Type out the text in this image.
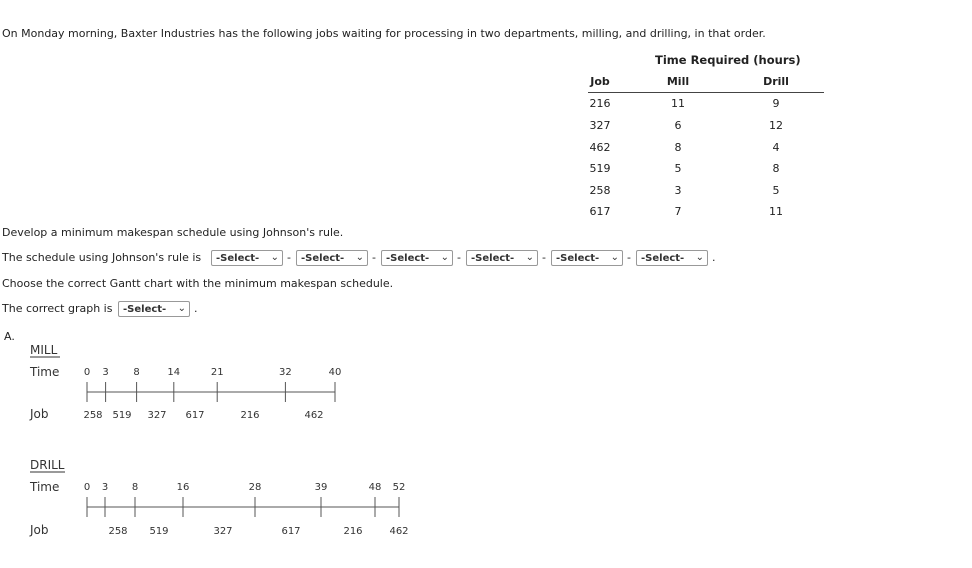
On Monday morning, Baxter Industries has the following jobs waiting for processing in two departments, milling, and drilling, in that order.
Time Required (hours)
Job	Mill	Drill
216	11	9
327	6	12
462	8	4
519	5	8
258	3	5
617	7	11
Develop a minimum makespan schedule using Johnson's rule.
The schedule using Johnson's rule is	-Select- ⌄ -	-Select- ⌄ -	-Select- ⌄ -	-Select- ⌄ -	-Select- ⌄ -	-Select- ⌄ .
Choose the correct Gantt chart with the minimum makespan schedule.
The correct graph is	-Select- ⌄ .
A.
MILL
Time
Job
0 3 8	14	21	32	40
258 519 327 617	216	462
DRILL
Time
Job
0 3 8	16	28	39	48 52
258 519	327	617	216	462
